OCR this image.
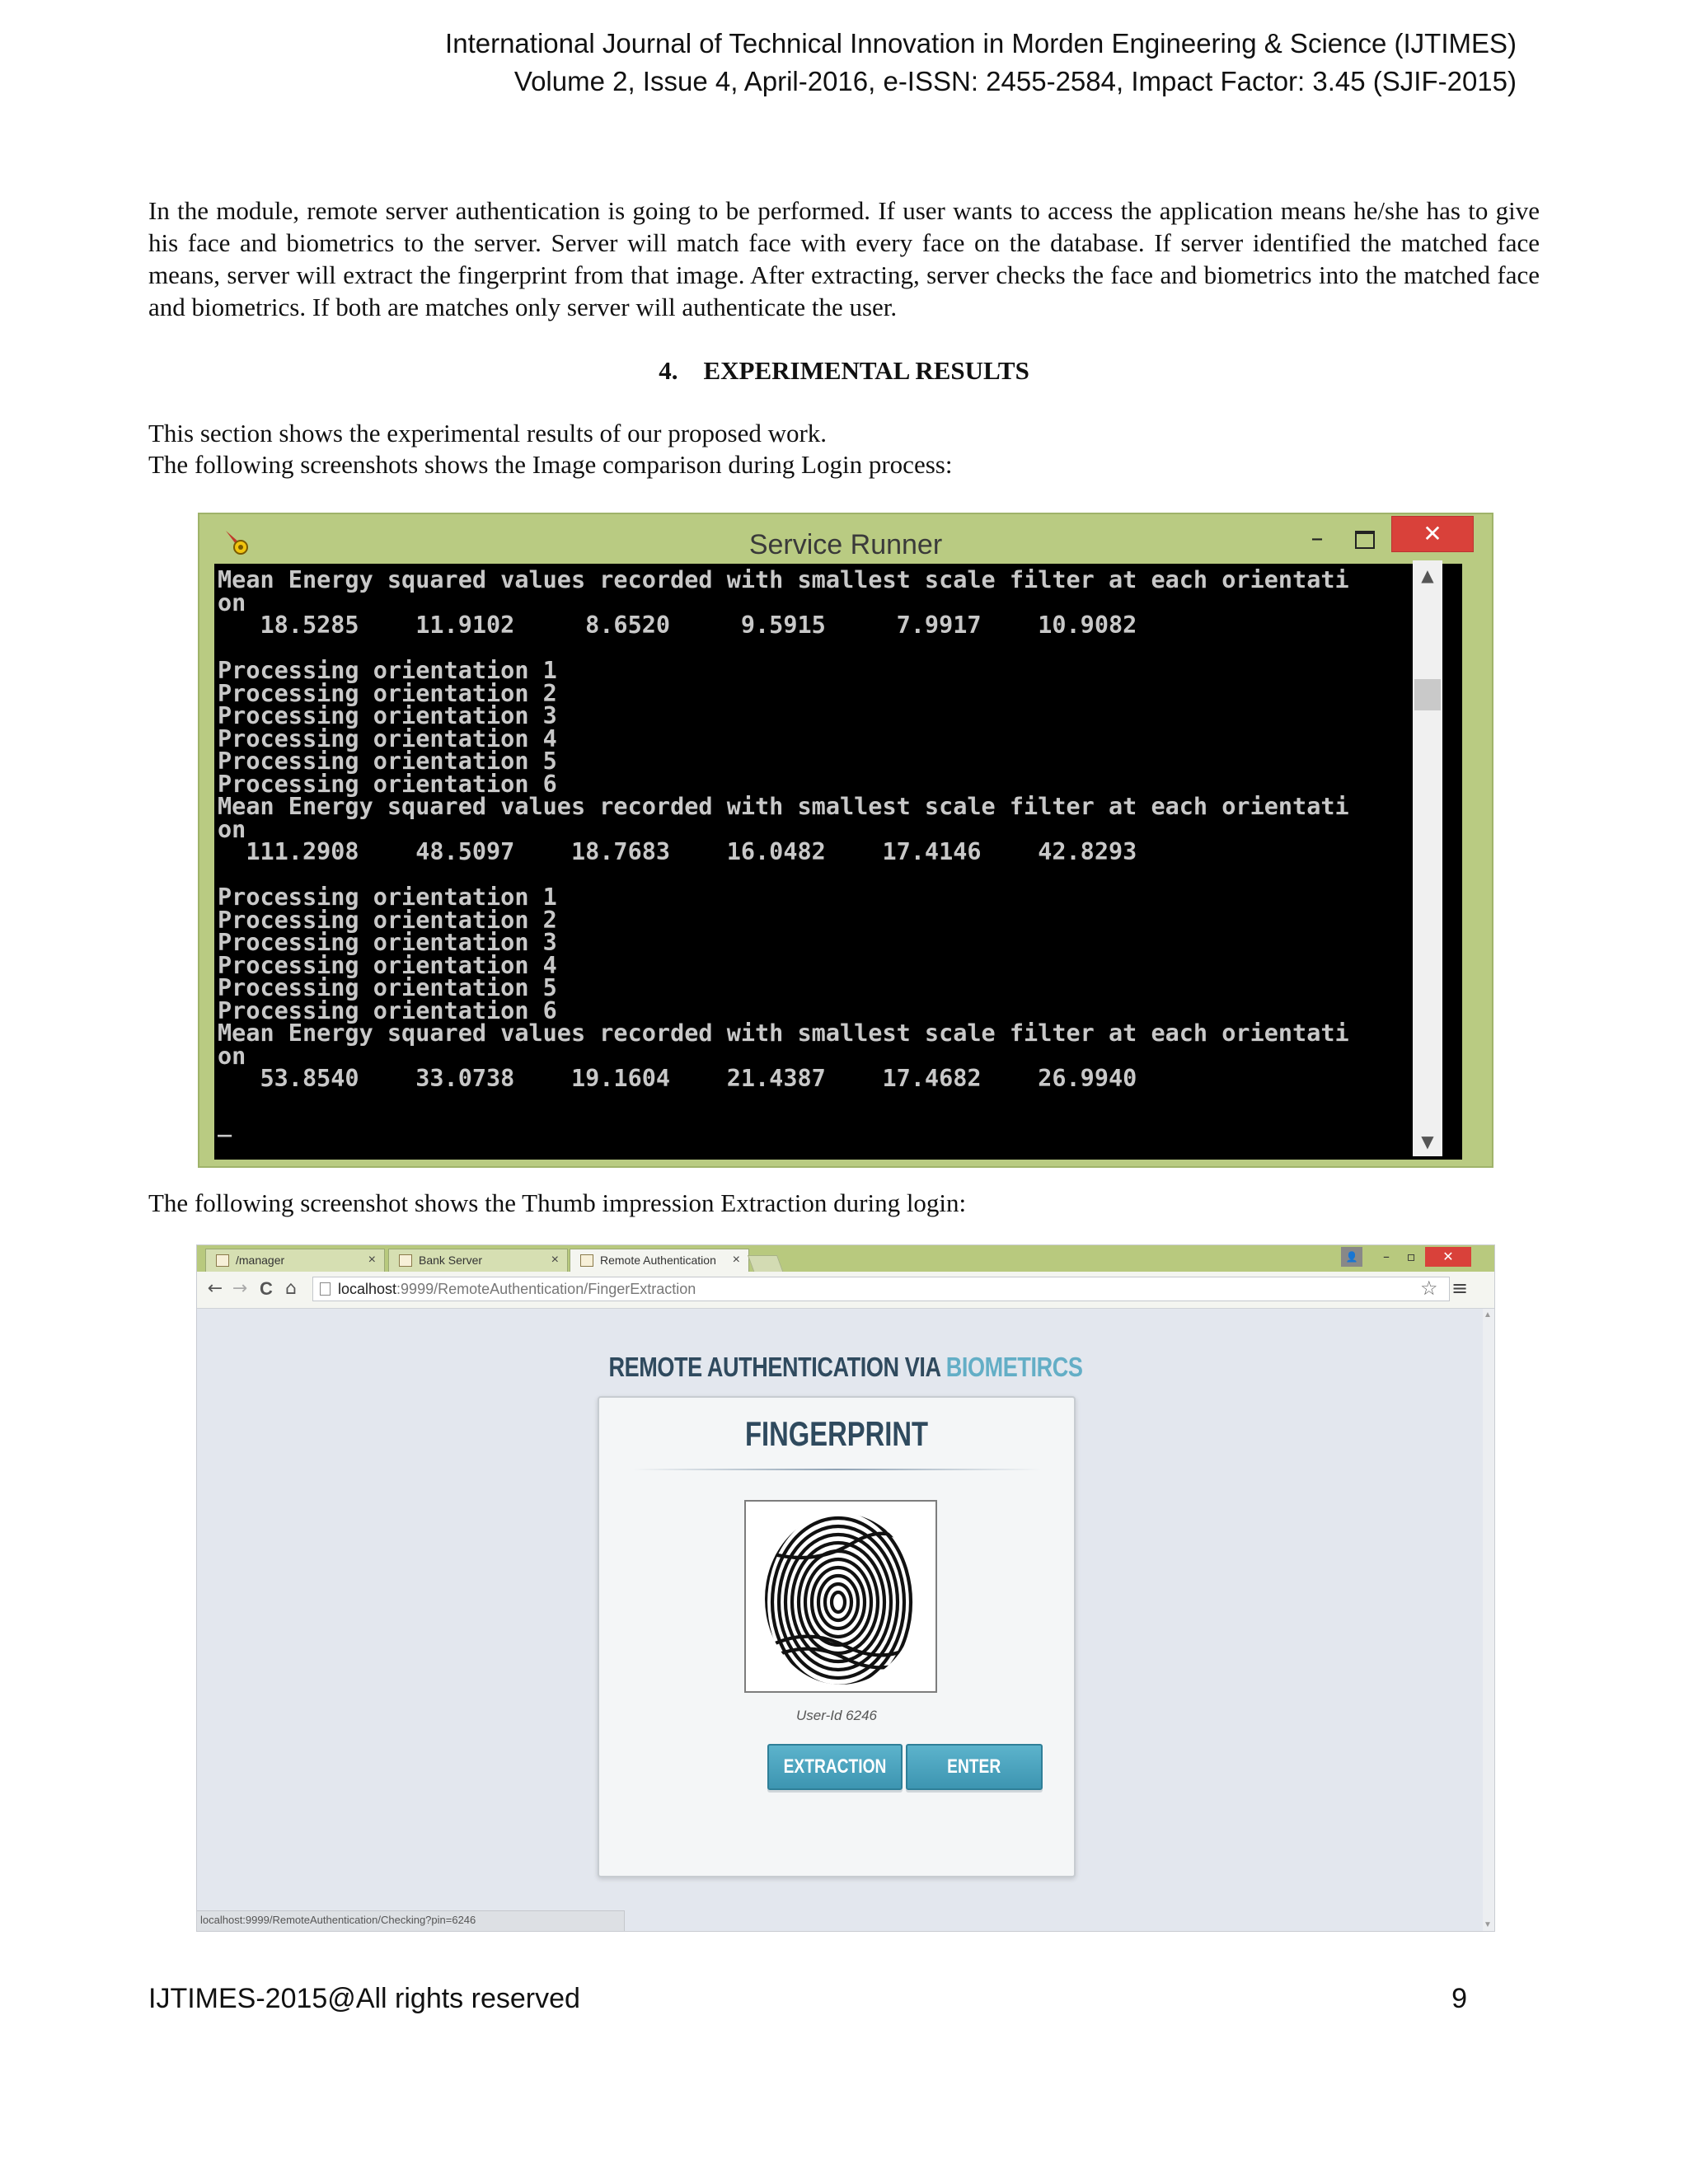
International Journal of Technical Innovation in Morden Engineering & Science (IJTIMES)
Volume 2, Issue 4, April-2016, e-ISSN: 2455-2584, Impact Factor: 3.45 (SJIF-2015)

In the module, remote server authentication is going to be performed. If user wants to access the application means he/she has to give his face and biometrics to the server. Server will match face with every face on the database. If server identified the matched face means, server will extract the fingerprint from that image. After extracting, server checks the face and biometrics into the matched face and biometrics. If both are matches only server will authenticate the user.

4.    EXPERIMENTAL RESULTS
This section shows the experimental results of our proposed work.
The following screenshots shows the Image comparison during Login process:
Service Runner	–	✕
Mean Energy squared values recorded with smallest scale filter at each orientati
on
18.5285    11.9102     8.6520     9.5915     7.9917    10.9082

Processing orientation 1
Processing orientation 2
Processing orientation 3
Processing orientation 4
Processing orientation 5
Processing orientation 6
Mean Energy squared values recorded with smallest scale filter at each orientati
on
111.2908    48.5097    18.7683    16.0482    17.4146    42.8293

Processing orientation 1
Processing orientation 2
Processing orientation 3
Processing orientation 4
Processing orientation 5
Processing orientation 6
Mean Energy squared values recorded with smallest scale filter at each orientati
on
53.8540    33.0738    19.1604    21.4387    17.4682    26.9940

_
▲
▼
The following screenshot shows the Thumb impression Extraction during login:
/manager	×	Bank Server	×	Remote Authentication ×	👤	–	▫	✕
← → C ⌂	localhost:9999/RemoteAuthentication/FingerExtraction	☆ ≡
REMOTE AUTHENTICATION VIA BIOMETIRCS
FINGERPRINT
User-Id 6246
EXTRACTION	ENTER
▲
▼
localhost:9999/RemoteAuthentication/Checking?pin=6246
IJTIMES-2015@All rights reserved	9
